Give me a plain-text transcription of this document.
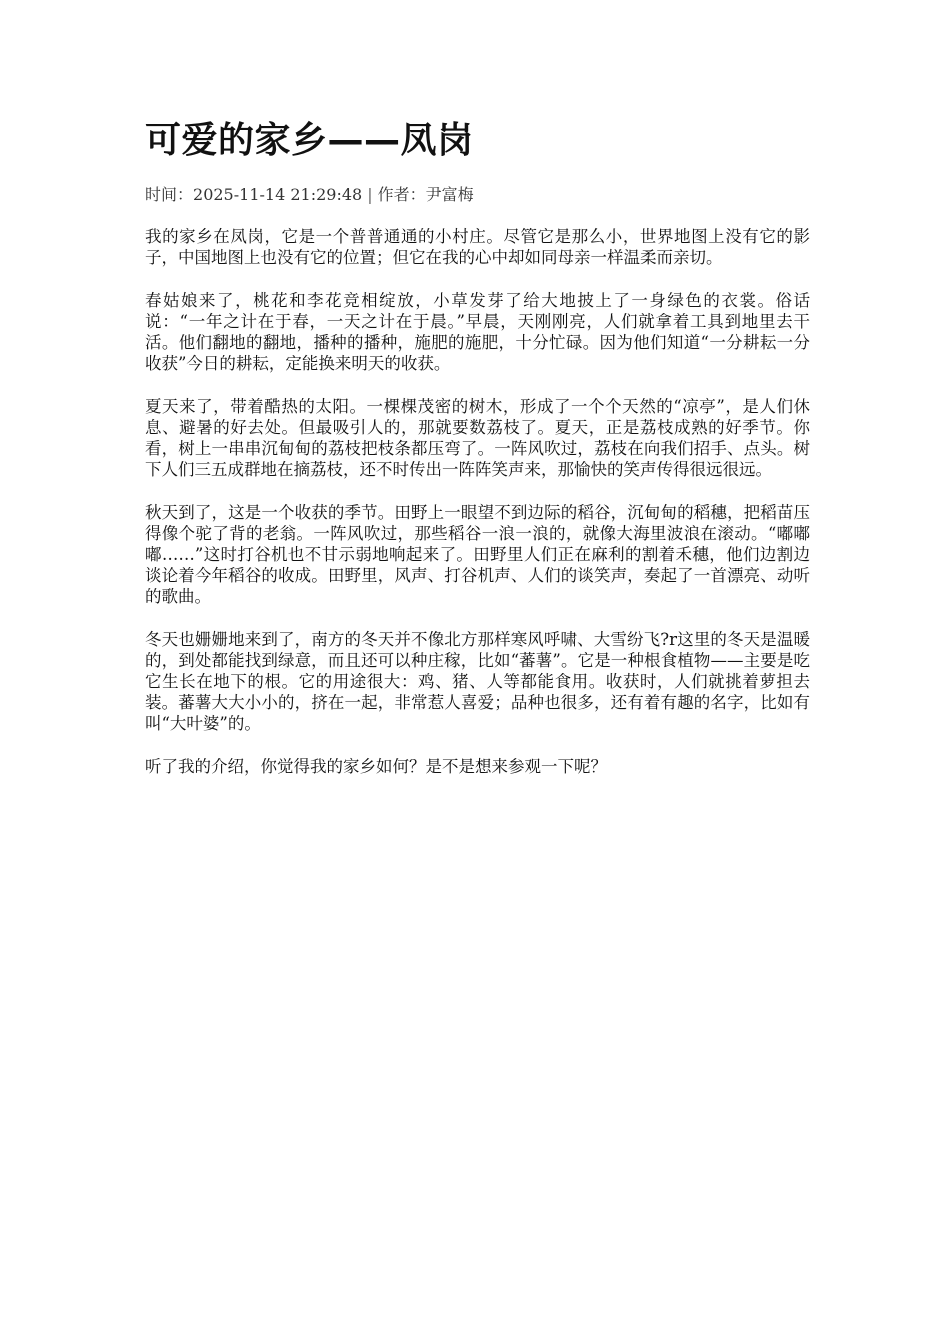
可爱的家乡——凤岗
时间：2025-11-14 21:29:48 | 作者：尹富梅

我的家乡在凤岗，它是一个普普通通的小村庄。尽管它是那么小，世界地图上没有它的影子，中国地图上也没有它的位置；但它在我的心中却如同母亲一样温柔而亲切。

春姑娘来了，桃花和李花竞相绽放，小草发芽了给大地披上了一身绿色的衣裳。俗话说：“一年之计在于春，一天之计在于晨。”早晨，天刚刚亮，人们就拿着工具到地里去干活。他们翻地的翻地，播种的播种，施肥的施肥，十分忙碌。因为他们知道“一分耕耘一分收获”今日的耕耘，定能换来明天的收获。

夏天来了，带着酷热的太阳。一棵棵茂密的树木，形成了一个个天然的“凉亭”，是人们休息、避暑的好去处。但最吸引人的，那就要数荔枝了。夏天，正是荔枝成熟的好季节。你看，树上一串串沉甸甸的荔枝把枝条都压弯了。一阵风吹过，荔枝在向我们招手、点头。树下人们三五成群地在摘荔枝，还不时传出一阵阵笑声来，那愉快的笑声传得很远很远。

秋天到了，这是一个收获的季节。田野上一眼望不到边际的稻谷，沉甸甸的稻穗，把稻苗压得像个驼了背的老翁。一阵风吹过，那些稻谷一浪一浪的，就像大海里波浪在滚动。“嘟嘟嘟……”这时打谷机也不甘示弱地响起来了。田野里人们正在麻利的割着禾穗，他们边割边谈论着今年稻谷的收成。田野里，风声、打谷机声、人们的谈笑声，奏起了一首漂亮、动听的歌曲。

冬天也姗姗地来到了，南方的冬天并不像北方那样寒风呼啸、大雪纷飞?r这里的冬天是温暖的，到处都能找到绿意，而且还可以种庄稼，比如“蕃薯”。它是一种根食植物——主要是吃它生长在地下的根。它的用途很大：鸡、猪、人等都能食用。收获时，人们就挑着萝担去装。蕃薯大大小小的，挤在一起，非常惹人喜爱；品种也很多，还有着有趣的名字，比如有叫“大叶婆”的。

听了我的介绍，你觉得我的家乡如何？是不是想来参观一下呢？
